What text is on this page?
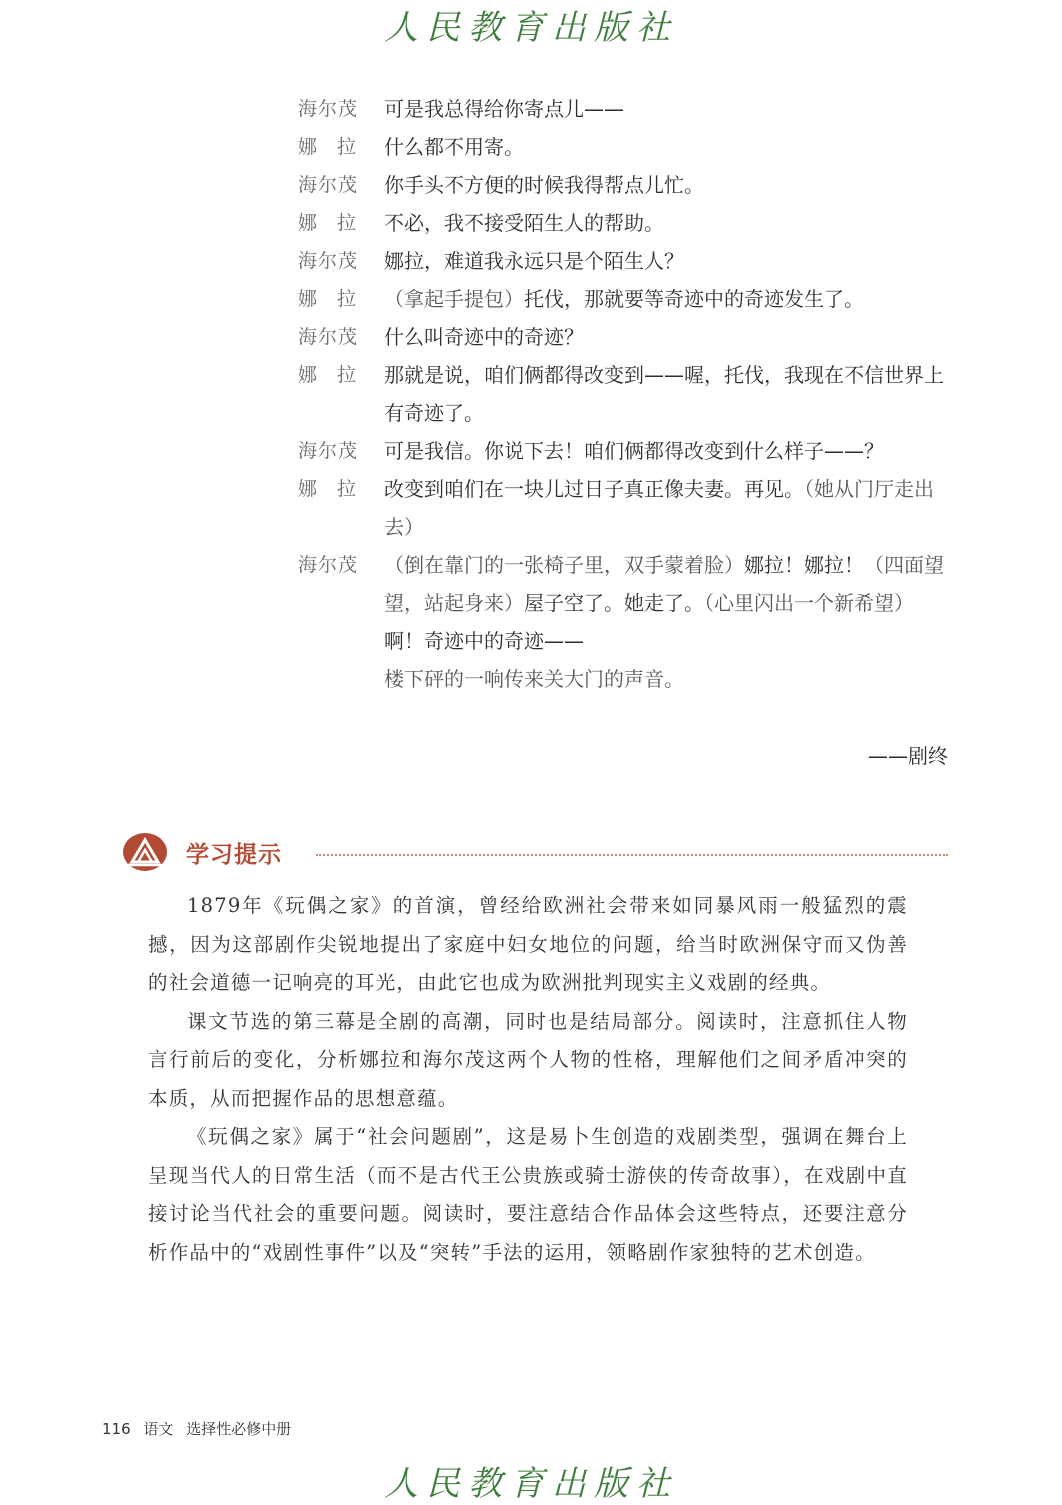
人民教育出版社
海尔茂	可是我总得给你寄点儿——
娜拉 什么都不用寄。
海尔茂	你手头不方便的时候我得帮点儿忙。
娜拉 不必，我不接受陌生人的帮助。
海尔茂	娜拉，难道我永远只是个陌生人？
娜拉 （拿起手提包）托伐，那就要等奇迹中的奇迹发生了。
海尔茂	什么叫奇迹中的奇迹？
娜拉 那就是说，咱们俩都得改变到——喔，托伐，我现在不信世界上有奇迹了。
海尔茂	可是我信。你说下去！咱们俩都得改变到什么样子——？
娜拉 改变到咱们在一块儿过日子真正像夫妻。再见。（她从门厅走出去）
海尔茂	（倒在靠门的一张椅子里，双手蒙着脸）娜拉！娜拉！（四面望望，站起身来）屋子空了。她走了。（心里闪出一个新希望）啊！奇迹中的奇迹——
楼下砰的一响传来关大门的声音。
——剧终
学习提示

1879年《玩偶之家》的首演，曾经给欧洲社会带来如同暴风雨一般猛烈的震撼，因为这部剧作尖锐地提出了家庭中妇女地位的问题，给当时欧洲保守而又伪善的社会道德一记响亮的耳光，由此它也成为欧洲批判现实主义戏剧的经典。

课文节选的第三幕是全剧的高潮，同时也是结局部分。阅读时，注意抓住人物言行前后的变化，分析娜拉和海尔茂这两个人物的性格，理解他们之间矛盾冲突的本质，从而把握作品的思想意蕴。

《玩偶之家》属于“社会问题剧”，这是易卜生创造的戏剧类型，强调在舞台上呈现当代人的日常生活（而不是古代王公贵族或骑士游侠的传奇故事），在戏剧中直接讨论当代社会的重要问题。阅读时，要注意结合作品体会这些特点，还要注意分析作品中的“戏剧性事件”以及“突转”手法的运用，领略剧作家独特的艺术创造。

116 语文 选择性必修中册
人民教育出版社
